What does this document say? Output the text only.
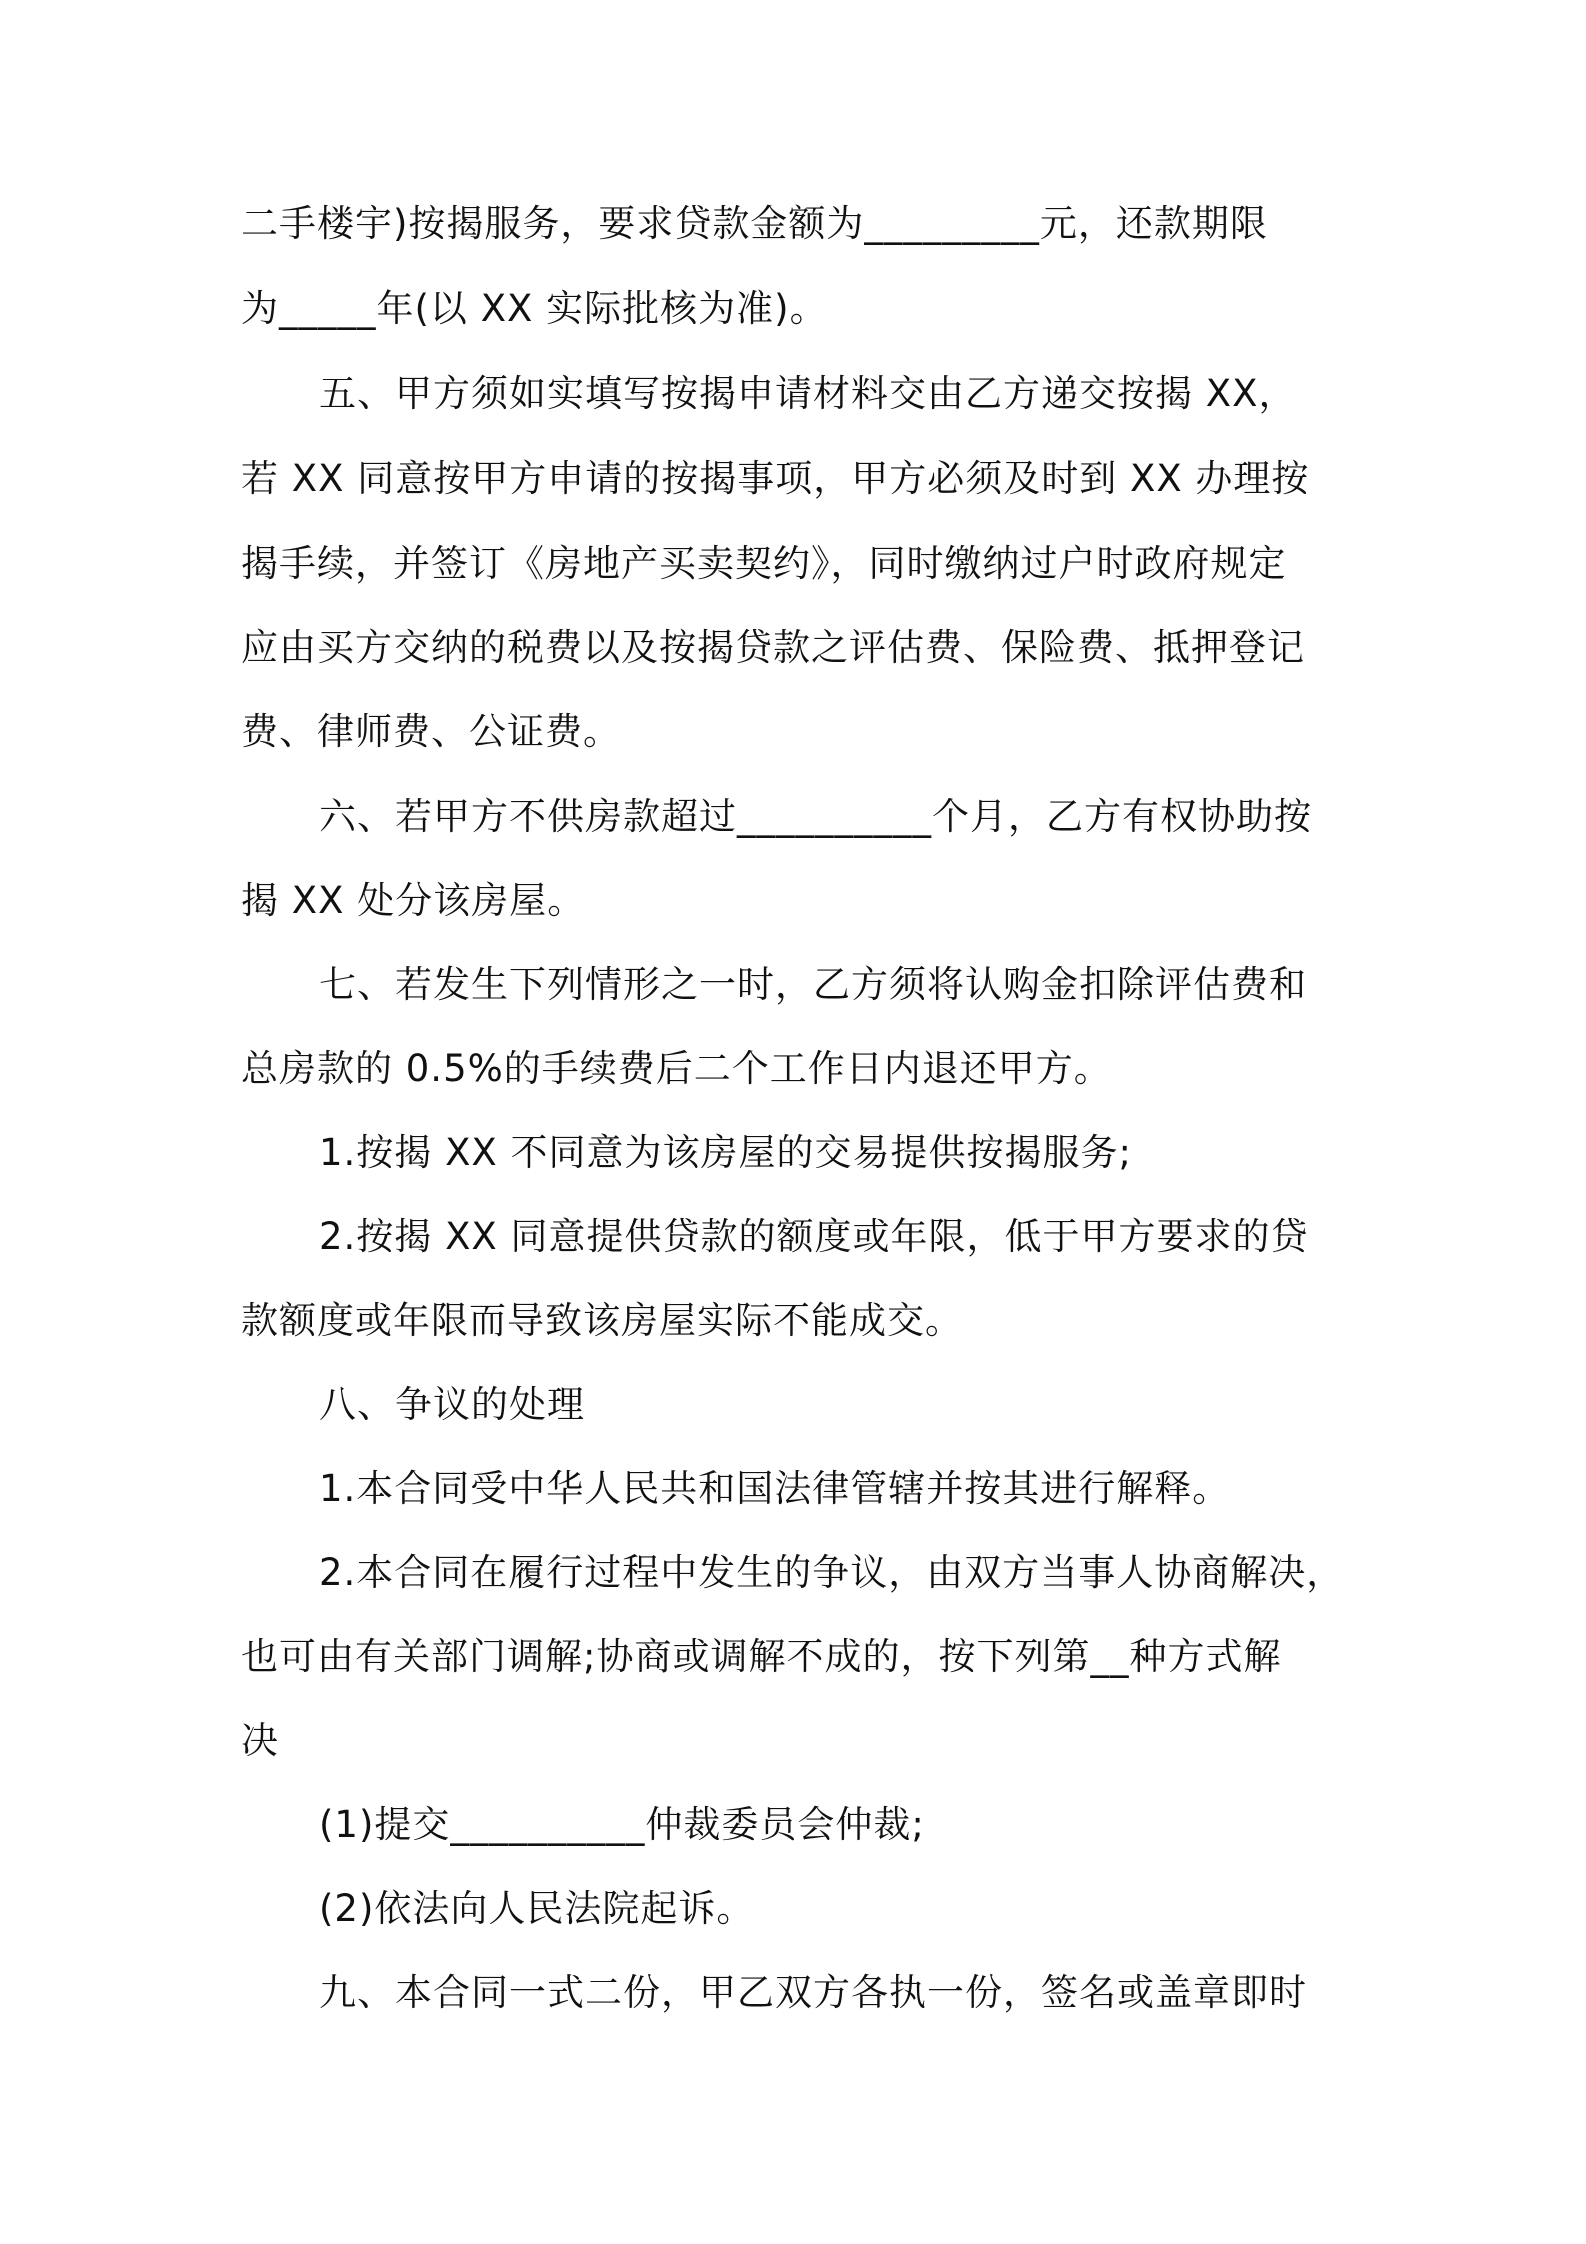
二手楼宇)按揭服务，要求贷款金额为_________元，还款期限
为_____年(以 XX 实际批核为准)。
五、甲方须如实填写按揭申请材料交由乙方递交按揭 XX，
若 XX 同意按甲方申请的按揭事项，甲方必须及时到 XX 办理按
揭手续，并签订《房地产买卖契约》，同时缴纳过户时政府规定
应由买方交纳的税费以及按揭贷款之评估费、保险费、抵押登记
费、律师费、公证费。
六、若甲方不供房款超过__________个月，乙方有权协助按
揭 XX 处分该房屋。
七、若发生下列情形之一时，乙方须将认购金扣除评估费和
总房款的 0.5%的手续费后二个工作日内退还甲方。
1.按揭 XX 不同意为该房屋的交易提供按揭服务;
2.按揭 XX 同意提供贷款的额度或年限，低于甲方要求的贷
款额度或年限而导致该房屋实际不能成交。
八、争议的处理
1.本合同受中华人民共和国法律管辖并按其进行解释。
2.本合同在履行过程中发生的争议，由双方当事人协商解决，
也可由有关部门调解;协商或调解不成的，按下列第__种方式解
决
(1)提交__________仲裁委员会仲裁;
(2)依法向人民法院起诉。
九、本合同一式二份，甲乙双方各执一份，签名或盖章即时
